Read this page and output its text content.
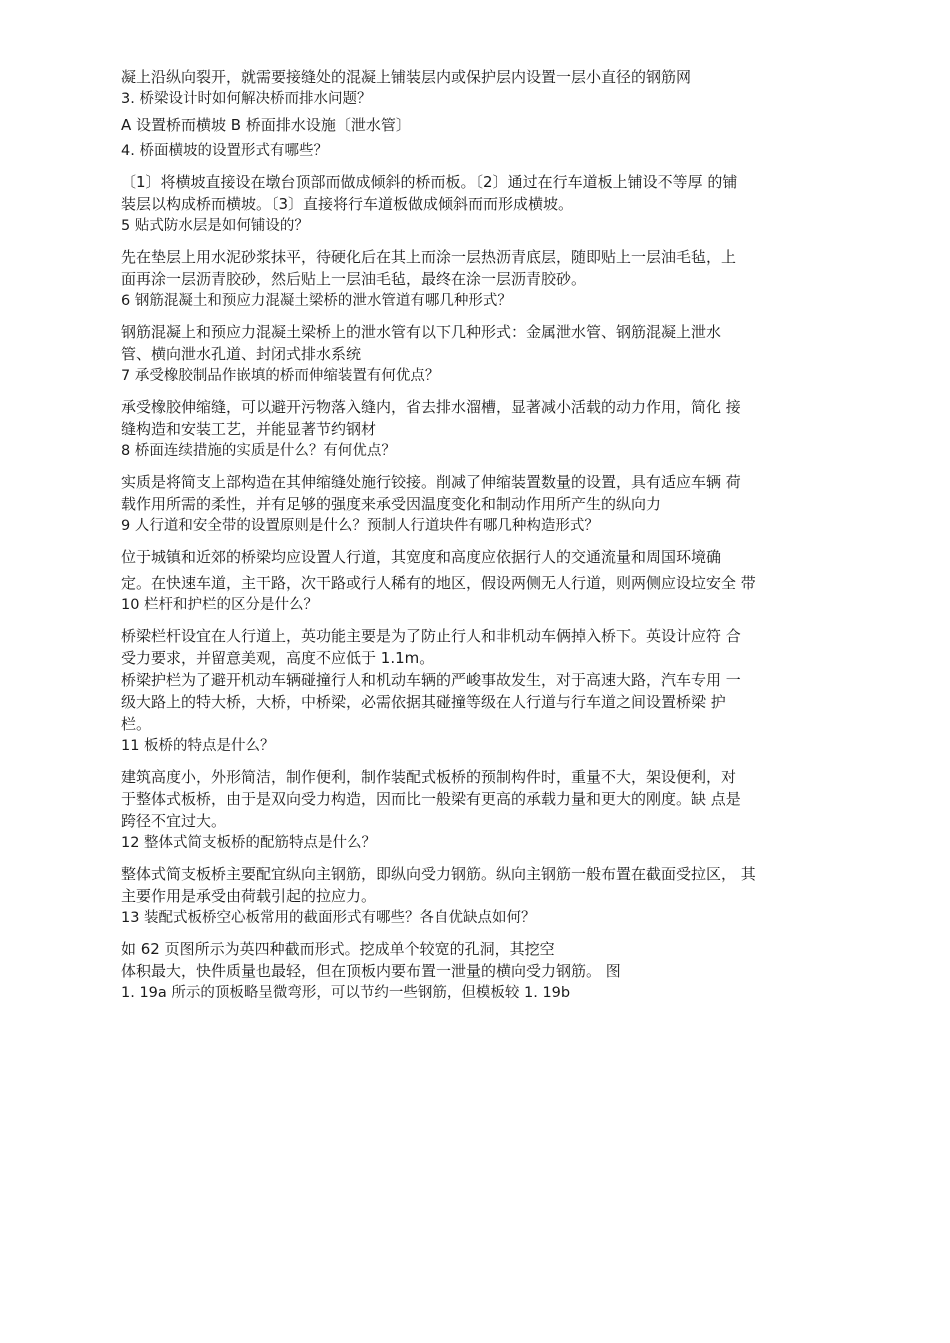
凝上沿纵向裂开，就需要接缝处的混凝上铺装层内或保护层内设置一层小直径的钢筋网
3. 桥梁设计时如何解决桥而排水问题？
A 设置桥而横坡 B 桥面排水设施〔泄水管〕
4. 桥面横坡的设置形式有哪些？
〔1〕将横坡直接设在墩台顶部而做成倾斜的桥而板。〔2〕通过在行车道板上铺设不等厚 的铺
装层以构成桥而横坡。〔3〕直接将行车道板做成倾斜而而形成横坡。
5 贴式防水层是如何铺设的？
先在垫层上用水泥砂浆抹平，待硬化后在其上而涂一层热沥青底层，随即贴上一层油毛毡，上
面再涂一层沥青胶砂，然后贴上一层油毛毡，最终在涂一层沥青胶砂。
6 钢筋混凝土和预应力混凝土梁桥的泄水管道有哪几种形式？
钢筋混凝上和预应力混凝土梁桥上的泄水管有以下几种形式：金属泄水管、钢筋混凝上泄水
管、横向泄水孔道、封闭式排水系统
7 承受橡胶制品作嵌填的桥而伸缩装置有何优点？
承受橡胶伸缩缝，可以避开污物落入缝内，省去排水溜槽，显著减小活载的动力作用，简化 接
缝构造和安装工艺，并能显著节约钢材
8 桥面连续措施的实质是什么？有何优点？
实质是将简支上部构造在其伸缩缝处施行铰接。削减了伸缩装置数量的设置，具有适应车辆 荷
载作用所需的柔性，并有足够的强度来承受因温度变化和制动作用所产生的纵向力
9 人行道和安全带的设置原则是什么？预制人行道块件有哪几种构造形式？
位于城镇和近郊的桥梁均应设置人行道，其宽度和高度应依据行人的交通流量和周国环境确
定。在快速车道，主干路，次干路或行人稀有的地区，假设两侧无人行道，则两侧应设垃安全 带
10 栏杆和护栏的区分是什么？
桥梁栏杆设宜在人行道上，英功能主要是为了防止行人和非机动车俩掉入桥下。英设计应符 合
受力要求，并留意美观，高度不应低于 1.1m。
桥梁护栏为了避开机动车辆碰撞行人和机动车辆的严峻事故发生，对于高速大路，汽车专用 一
级大路上的特大桥，大桥，中桥梁，必需依据其碰撞等级在人行道与行车道之间设置桥梁 护
栏。
11 板桥的特点是什么？
建筑高度小，外形简洁，制作便利，制作装配式板桥的预制构件时，重量不大，架设便利，对
于整体式板桥，由于是双向受力构造，因而比一般梁有更高的承载力量和更大的刚度。缺 点是
跨径不宜过大。
12 整体式简支板桥的配筋特点是什么？
整体式简支板桥主要配宜纵向主钢筋，即纵向受力钢筋。纵向主钢筋一般布置在截面受拉区， 其
主要作用是承受由荷载引起的拉应力。
13 装配式板桥空心板常用的截面形式有哪些？各自优缺点如何？
如 62 页图所示为英四种截而形式。挖成单个较宽的孔洞，其挖空
体积最大，快件质量也最轻，但在顶板内要布置一泄量的横向受力钢筋。 图
1. 19a 所示的顶板略呈微弯形，可以节约一些钢筋，但模板较 1. 19b
